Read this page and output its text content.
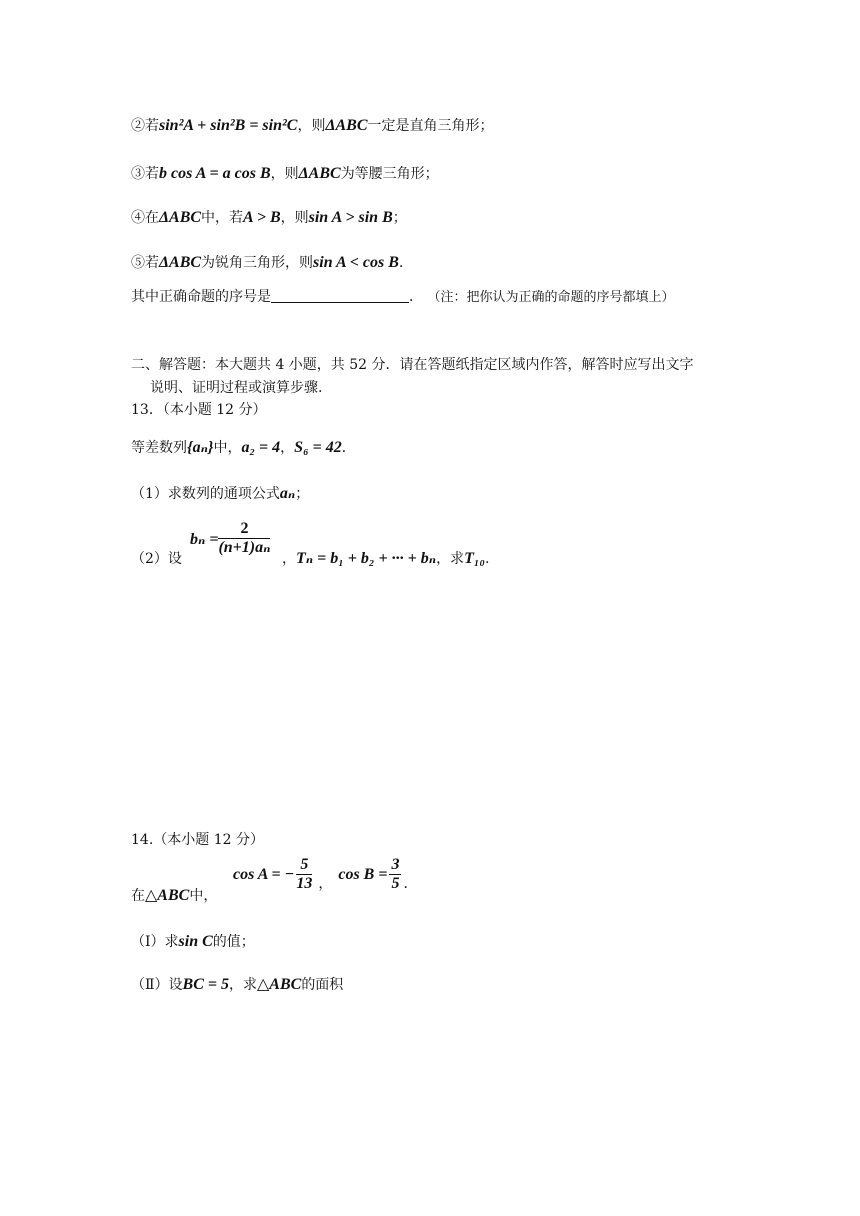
②若sin²A + sin²B = sin²C，则ΔABC一定是直角三角形；
③若b cos A = a cos B，则ΔABC为等腰三角形；
④在ΔABC中，若A > B，则sin A > sin B；
⑤若ΔABC为锐角三角形，则sin A < cos B．
其中正确命题的序号是	． （注：把你认为正确的命题的序号都填上）
二、解答题：本大题共 4 小题，共 52 分．请在答题纸指定区域内作答，解答时应写出文字
说明、证明过程或演算步骤.
13．（本小题 12 分）
等差数列{aₙ}中，a₂ = 4，S₆ = 42．
（1）求数列的通项公式aₙ；
（2）设
$b_n = \frac{2}{\text{(n+1)aₙ}}$
，Tₙ = b₁ + b₂ + ··· + bₙ，求T₁₀.
14.（本小题 12 分）
在△ABC中，
cos A = − $\frac{5}{13}$ ，
$\cos B = \frac{3}{5}$ ．
（Ⅰ）求sin C的值；
（Ⅱ）设BC = 5，求△ABC的面积
